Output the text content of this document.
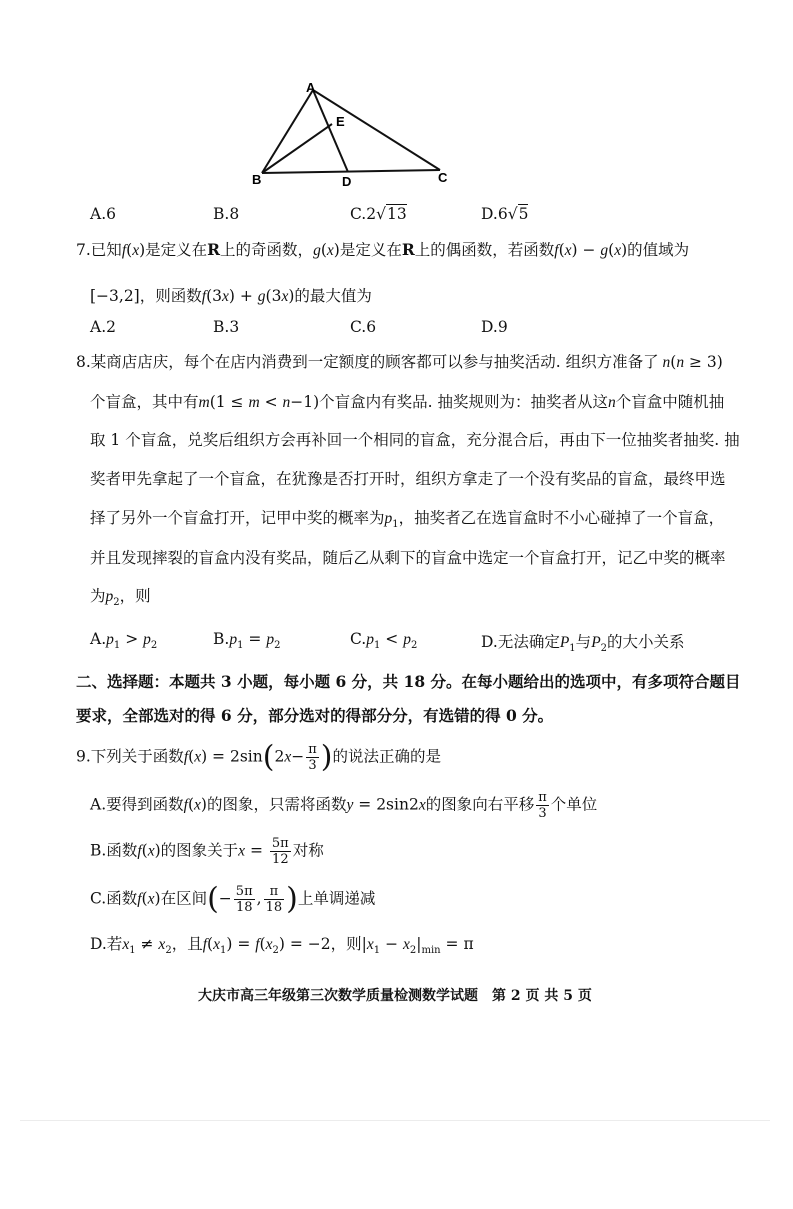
A
E
B	D	C
A.6	B.8	C.2√13	D.6√5
7.已知f(x)是定义在R上的奇函数，g(x)是定义在R上的偶函数，若函数f(x) − g(x)的值域为
[−3,2]，则函数f(3x) + g(3x)的最大值为
A.2	B.3	C.6	D.9
8.某商店店庆，每个在店内消费到一定额度的顾客都可以参与抽奖活动. 组织方准备了 n(n ≥ 3)
个盲盒，其中有m(1 ≤ m < n−1)个盲盒内有奖品. 抽奖规则为：抽奖者从这n个盲盒中随机抽
取 1 个盲盒，兑奖后组织方会再补回一个相同的盲盒，充分混合后，再由下一位抽奖者抽奖. 抽
奖者甲先拿起了一个盲盒，在犹豫是否打开时，组织方拿走了一个没有奖品的盲盒，最终甲选
择了另外一个盲盒打开，记甲中奖的概率为$p_1$，抽奖者乙在选盲盒时不小心碰掉了一个盲盒，
并且发现摔裂的盲盒内没有奖品，随后乙从剩下的盲盒中选定一个盲盒打开，记乙中奖的概率
为$p_2$，则
$A.p_1 > p_2$	$B.p_1 = p_2$	$C.p_1 < p_2$	D.无法确定$P_1$与$P_2$的大小关系
二、选择题：本题共 3 小题，每小题 6 分，共 18 分。在每小题给出的选项中，有多项符合题目
要求，全部选对的得 6 分，部分选对的得部分分，有选错的得 0 分。
9.下列关于函数$f(x) = 2\sin(2x- \frac{\pi}{3}$ )的说法正确的是
A.要得到函数f(x)的图象，只需将函数y = 2sin2x的图象向右平移 $\frac{\pi}{3}$ 个单位
B.函数f(x)的图象关于$x = \frac{5\pi}{12}$ 对称
C.函数f(x)在区间(− $\frac{5\pi}{18}$ , $\frac{\pi}{18}$ )上单调递减
D.若$x_1 \ne x_2$，且$f(x_1) = f(x_2) = -2$，则$|x_1 - x_2|_{min} = \pi$
大庆市高三年级第三次数学质量检测数学试题　第 2 页 共 5 页
